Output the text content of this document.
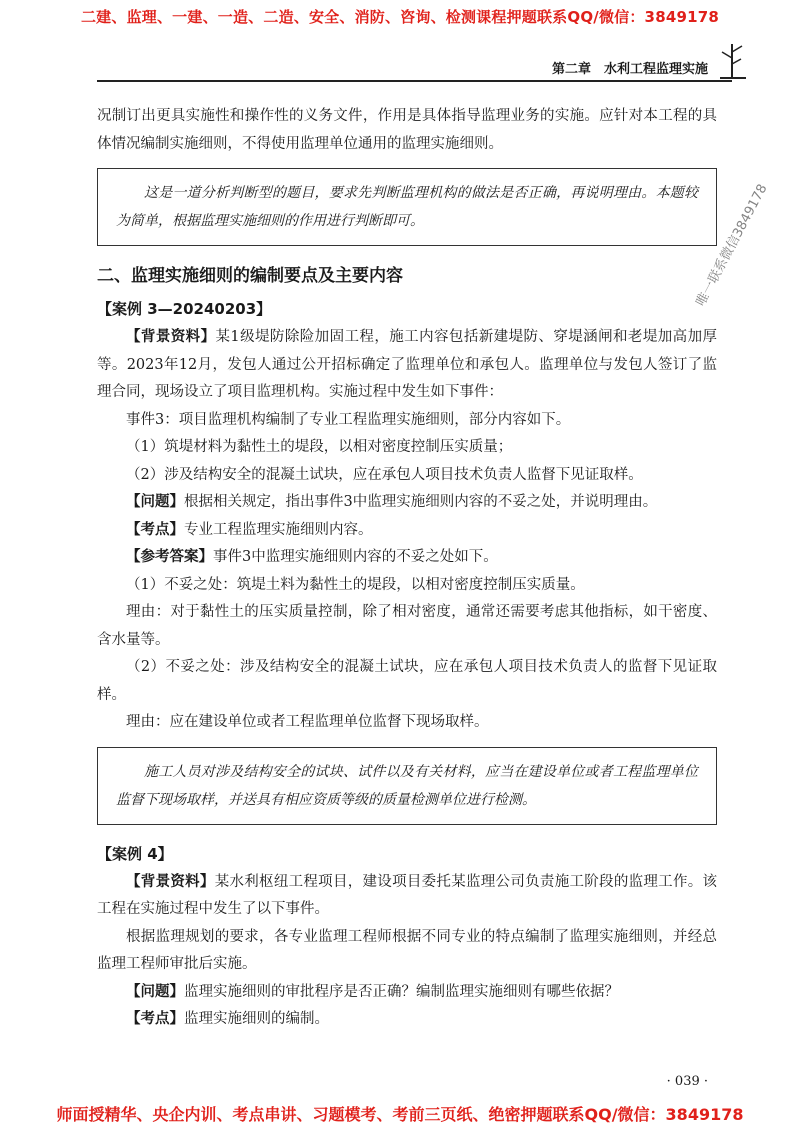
二建、监理、一建、一造、二造、安全、消防、咨询、检测课程押题联系QQ/微信：3849178
第二章　水利工程监理实施
唯一联系微信3849178

况制订出更具实施性和操作性的义务文件，作用是具体指导监理业务的实施。应针对本工程的具体情况编制实施细则，不得使用监理单位通用的监理实施细则。

这是一道分析判断型的题目，要求先判断监理机构的做法是否正确，再说明理由。本题较为简单，根据监理实施细则的作用进行判断即可。

二、监理实施细则的编制要点及主要内容
【案例 3—20240203】

【背景资料】某1级堤防除险加固工程，施工内容包括新建堤防、穿堤涵闸和老堤加高加厚等。2023年12月，发包人通过公开招标确定了监理单位和承包人。监理单位与发包人签订了监理合同，现场设立了项目监理机构。实施过程中发生如下事件：

事件3：项目监理机构编制了专业工程监理实施细则，部分内容如下。

（1）筑堤材料为黏性土的堤段，以相对密度控制压实质量；

（2）涉及结构安全的混凝土试块，应在承包人项目技术负责人监督下见证取样。

【问题】根据相关规定，指出事件3中监理实施细则内容的不妥之处，并说明理由。

【考点】专业工程监理实施细则内容。

【参考答案】事件3中监理实施细则内容的不妥之处如下。

（1）不妥之处：筑堤土料为黏性土的堤段，以相对密度控制压实质量。

理由：对于黏性土的压实质量控制，除了相对密度，通常还需要考虑其他指标，如干密度、含水量等。

（2）不妥之处：涉及结构安全的混凝土试块，应在承包人项目技术负责人的监督下见证取样。

理由：应在建设单位或者工程监理单位监督下现场取样。

施工人员对涉及结构安全的试块、试件以及有关材料，应当在建设单位或者工程监理单位监督下现场取样，并送具有相应资质等级的质量检测单位进行检测。

【案例 4】

【背景资料】某水利枢纽工程项目，建设项目委托某监理公司负责施工阶段的监理工作。该工程在实施过程中发生了以下事件。

根据监理规划的要求，各专业监理工程师根据不同专业的特点编制了监理实施细则，并经总监理工程师审批后实施。

【问题】监理实施细则的审批程序是否正确？编制监理实施细则有哪些依据？

【考点】监理实施细则的编制。

· 039 ·
师面授精华、央企内训、考点串讲、习题模考、考前三页纸、绝密押题联系QQ/微信：3849178
